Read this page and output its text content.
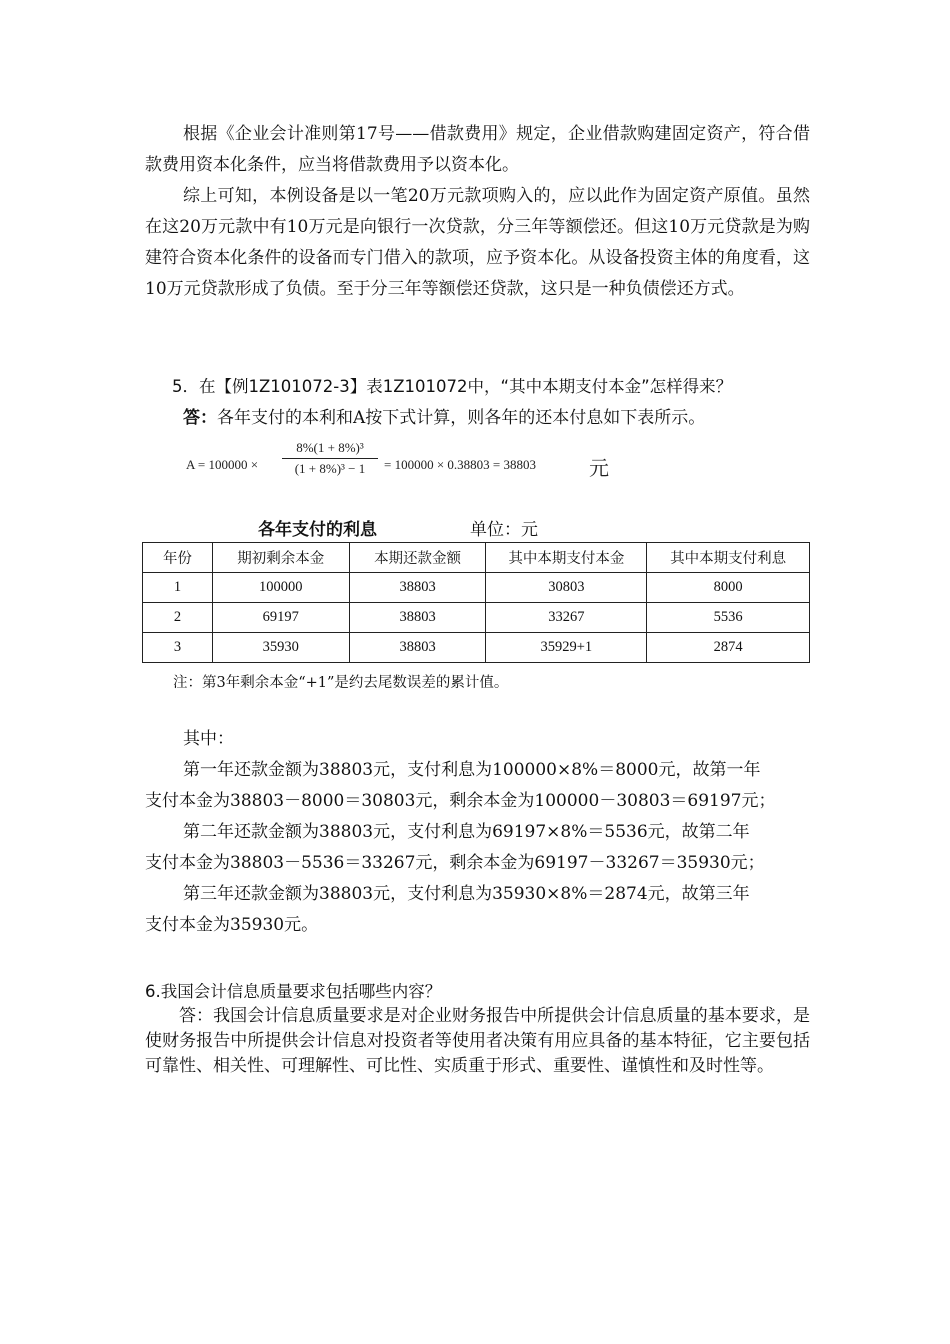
根据《企业会计准则第17号——借款费用》规定，企业借款购建固定资产，符合借款费用资本化条件，应当将借款费用予以资本化。

综上可知，本例设备是以一笔20万元款项购入的，应以此作为固定资产原值。虽然在这20万元款中有10万元是向银行一次贷款，分三年等额偿还。但这10万元贷款是为购建符合资本化条件的设备而专门借入的款项，应予资本化。从设备投资主体的角度看，这10万元贷款形成了负债。至于分三年等额偿还贷款，这只是一种负债偿还方式。

5．在【例1Z101072-3】表1Z101072中，“其中本期支付本金”怎样得来？

答：各年支付的本利和A按下式计算，则各年的还本付息如下表所示。

$A = 100000 \times \frac{\text{8\%(1 + 8\%)³}}{\text{(1 + 8\%)³ − 1}} = 100000 \times 0.38803 = 38803$	元
各年支付的利息	单位：元
年份	期初剩余本金	本期还款金额	其中本期支付本金	其中本期支付利息
1	100000	38803	30803	8000
2	69197	38803	33267	5536
3	35930	38803	35929+1	2874
注：第3年剩余本金“+1”是约去尾数误差的累计值。
其中：
第一年还款金额为38803元，支付利息为100000×8%＝8000元，故第一年
支付本金为38803－8000＝30803元，剩余本金为100000－30803＝69197元；
第二年还款金额为38803元，支付利息为69197×8%＝5536元，故第二年
支付本金为38803－5536＝33267元，剩余本金为69197－33267＝35930元；
第三年还款金额为38803元，支付利息为35930×8%＝2874元，故第三年
支付本金为35930元。

6.我国会计信息质量要求包括哪些内容？

答：我国会计信息质量要求是对企业财务报告中所提供会计信息质量的基本要求，是使财务报告中所提供会计信息对投资者等使用者决策有用应具备的基本特征，它主要包括可靠性、相关性、可理解性、可比性、实质重于形式、重要性、谨慎性和及时性等。
